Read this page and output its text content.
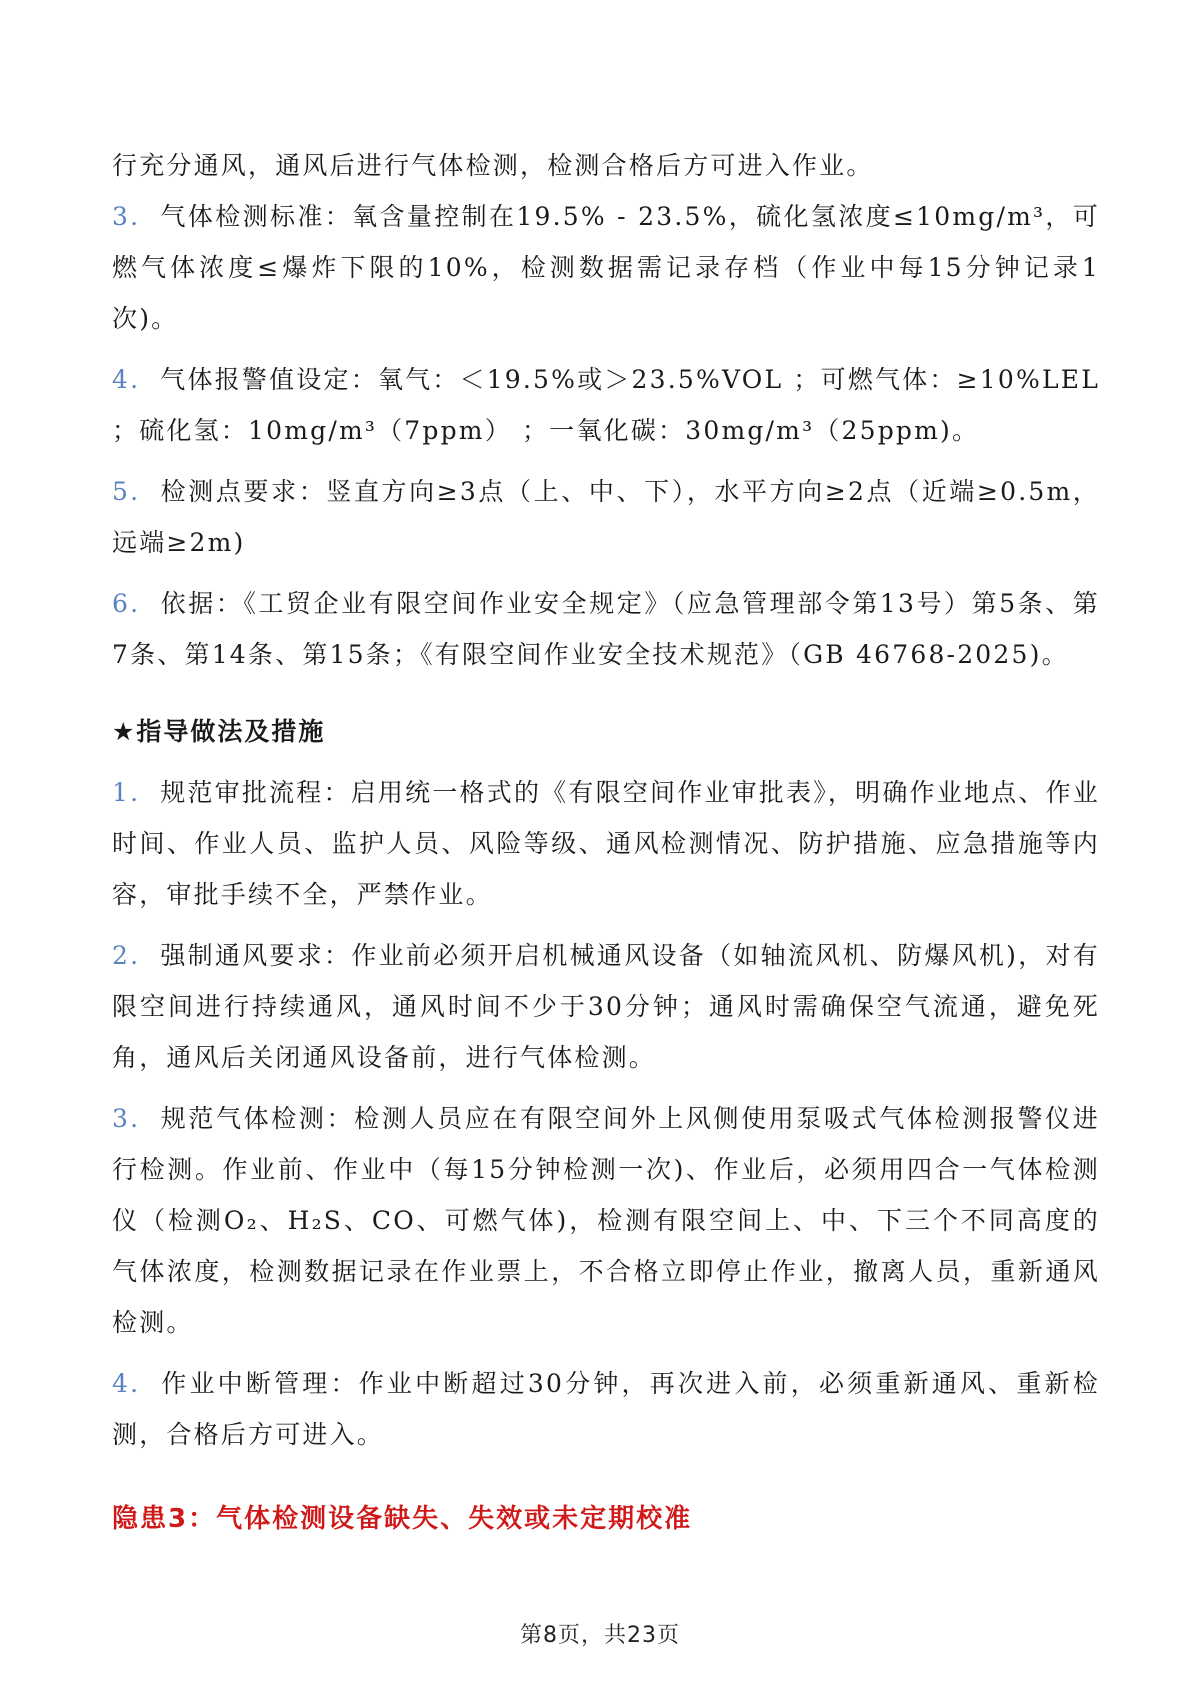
行充分通风，通风后进行气体检测，检测合格后方可进入作业。

3. 气体检测标准：氧含量控制在19.5% - 23.5%，硫化氢浓度≤10mg/m³，可燃气体浓度≤爆炸下限的10%，检测数据需记录存档（作业中每15分钟记录1次)。

4. 气体报警值设定：氧气：＜19.5%或＞23.5%VOL ；可燃气体：≥10%LEL ；硫化氢：10mg/m³（7ppm） ；一氧化碳：30mg/m³（25ppm)。

5. 检测点要求：竖直方向≥3点（上、中、下），水平方向≥2点（近端≥0.5m，远端≥2m)

6. 依据：《工贸企业有限空间作业安全规定》（应急管理部令第13号）第5条、第7条、第14条、第15条；《有限空间作业安全技术规范》（GB 46768-2025)。

★指导做法及措施

1. 规范审批流程：启用统一格式的《有限空间作业审批表》，明确作业地点、作业时间、作业人员、监护人员、风险等级、通风检测情况、防护措施、应急措施等内容，审批手续不全，严禁作业。

2. 强制通风要求：作业前必须开启机械通风设备（如轴流风机、防爆风机)，对有限空间进行持续通风，通风时间不少于30分钟；通风时需确保空气流通，避免死角，通风后关闭通风设备前，进行气体检测。

3. 规范气体检测：检测人员应在有限空间外上风侧使用泵吸式气体检测报警仪进行检测。作业前、作业中（每15分钟检测一次)、作业后，必须用四合一气体检测仪（检测O₂、H₂S、CO、可燃气体)，检测有限空间上、中、下三个不同高度的气体浓度，检测数据记录在作业票上，不合格立即停止作业，撤离人员，重新通风检测。

4. 作业中断管理：作业中断超过30分钟，再次进入前，必须重新通风、重新检测，合格后方可进入。

隐患3：气体检测设备缺失、失效或未定期校准
第8页，共23页
